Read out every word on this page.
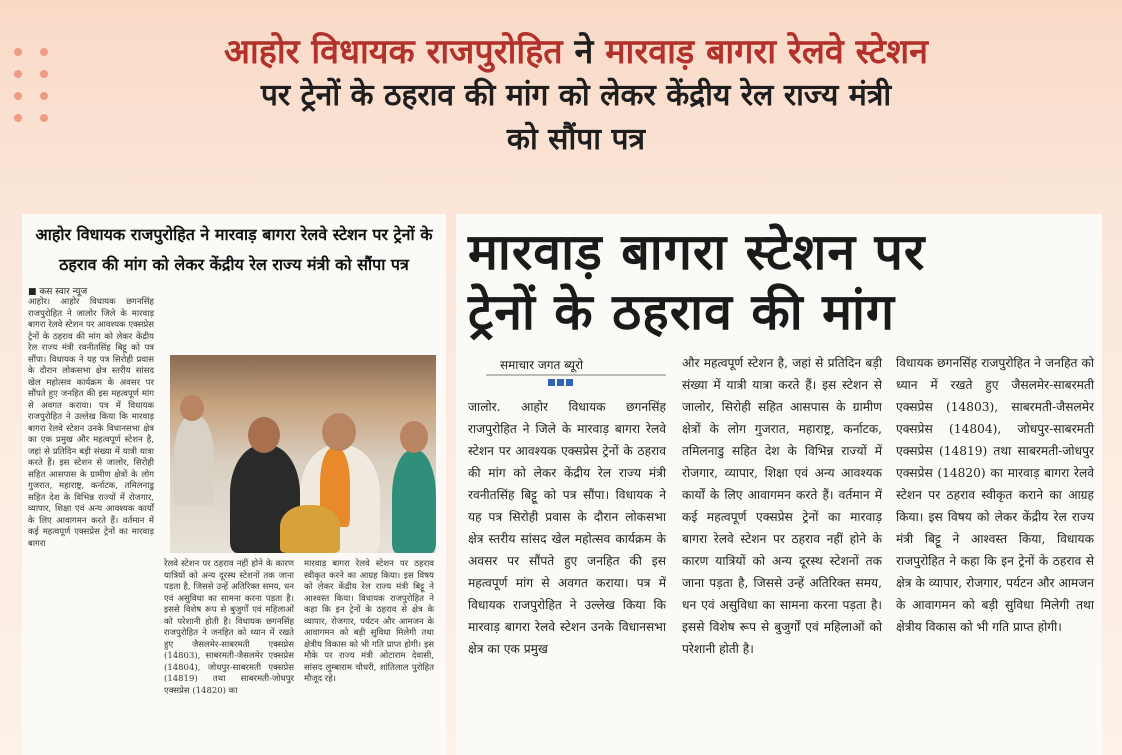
आहोर विधायक राजपुरोहित ने मारवाड़ बागरा रेलवे स्टेशन
पर ट्रेनों के ठहराव की मांग को लेकर केंद्रीय रेल राज्य मंत्री
को सौंपा पत्र
आहोर विधायक राजपुरोहित ने मारवाड़ बागरा रेलवे स्टेशन पर ट्रेनों के ठहराव की मांग को लेकर केंद्रीय रेल राज्य मंत्री को सौंपा पत्र
■ कस स्वार न्यूज
आहोर। आहोर विधायक छगनसिंह राजपुरोहित ने जालोर जिले के मारवाड़ बागरा रेलवे स्टेशन पर आवश्यक एक्सप्रेस ट्रेनों के ठहराव की मांग को लेकर केंद्रीय रेल राज्य मंत्री रवनीतसिंह बिट्टू को पत्र सौंपा। विधायक ने यह पत्र सिरोही प्रवास के दौरान लोकसभा क्षेत्र स्तरीय सांसद खेल महोत्सव कार्यक्रम के अवसर पर सौंपते हुए जनहित की इस महत्वपूर्ण मांग से अवगत कराया। पत्र में विधायक राजपुरोहित ने उल्लेख किया कि मारवाड़ बागरा रेलवे स्टेशन उनके विधानसभा क्षेत्र का एक प्रमुख और महत्वपूर्ण स्टेशन है, जहां से प्रतिदिन बड़ी संख्या में यात्री यात्रा करते हैं। इस स्टेशन से जालोर, सिरोही सहित आसपास के ग्रामीण क्षेत्रों के लोग गुजरात, महाराष्ट्र, कर्नाटक, तमिलनाडु सहित देश के विभिन्न राज्यों में रोजगार, व्यापार, शिक्षा एवं अन्य आवश्यक कार्यों के लिए आवागमन करते हैं। वर्तमान में कई महत्वपूर्ण एक्सप्रेस ट्रेनों का मारवाड़ बागरा
रेलवे स्टेशन पर ठहराव नहीं होने के कारण यात्रियों को अन्य दूरस्थ स्टेशनों तक जाना पड़ता है, जिससे उन्हें अतिरिक्त समय, धन एवं असुविधा का सामना करना पड़ता है। इससे विशेष रूप से बुजुर्गों एवं महिलाओं को परेशानी होती है। विधायक छगनसिंह राजपुरोहित ने जनहित को ध्यान में रखते हुए जैसलमेर-साबरमती एक्सप्रेस (14803), साबरमती-जैसलमेर एक्सप्रेस (14804), जोधपुर-साबरमती एक्सप्रेस (14819) तथा साबरमती-जोधपुर एक्सप्रेस (14820) का
मारवाड़ बागरा रेलवे स्टेशन पर ठहराव स्वीकृत करने का आग्रह किया। इस विषय को लेकर केंद्रीय रेल राज्य मंत्री बिट्टू ने आश्वस्त किया। विधायक राजपुरोहित ने कहा कि इन ट्रेनों के ठहराव से क्षेत्र के व्यापार, रोजगार, पर्यटन और आमजन के आवागमन को बड़ी सुविधा मिलेगी तथा क्षेत्रीय विकास को भी गति प्राप्त होगी। इस मौके पर राज्य मंत्री ओटाराम देवासी, सांसद लुम्बाराम चौधरी, शांतिलाल पुरोहित मौजूद रहे।
मारवाड़ बागरा स्टेशन पर
ट्रेनों के ठहराव की मांग
समाचार जगत ब्यूरो
जालोर. आहोर विधायक छगनसिंह राजपुरोहित ने जिले के मारवाड़ बागरा रेलवे स्टेशन पर आवश्यक एक्सप्रेस ट्रेनों के ठहराव की मांग को लेकर केंद्रीय रेल राज्य मंत्री रवनीतसिंह बिट्टू को पत्र सौंपा। विधायक ने यह पत्र सिरोही प्रवास के दौरान लोकसभा क्षेत्र स्तरीय सांसद खेल महोत्सव कार्यक्रम के अवसर पर सौंपते हुए जनहित की इस महत्वपूर्ण मांग से अवगत कराया। पत्र में विधायक राजपुरोहित ने उल्लेख किया कि मारवाड़ बागरा रेलवे स्टेशन उनके विधानसभा क्षेत्र का एक प्रमुख
और महत्वपूर्ण स्टेशन है, जहां से प्रतिदिन बड़ी संख्या में यात्री यात्रा करते हैं। इस स्टेशन से जालोर, सिरोही सहित आसपास के ग्रामीण क्षेत्रों के लोग गुजरात, महाराष्ट्र, कर्नाटक, तमिलनाडु सहित देश के विभिन्न राज्यों में रोजगार, व्यापार, शिक्षा एवं अन्य आवश्यक कार्यों के लिए आवागमन करते हैं। वर्तमान में कई महत्वपूर्ण एक्सप्रेस ट्रेनों का मारवाड़ बागरा रेलवे स्टेशन पर ठहराव नहीं होने के कारण यात्रियों को अन्य दूरस्थ स्टेशनों तक जाना पड़ता है, जिससे उन्हें अतिरिक्त समय, धन एवं असुविधा का सामना करना पड़ता है। इससे विशेष रूप से बुजुर्गों एवं महिलाओं को परेशानी होती है।
विधायक छगनसिंह राजपुरोहित ने जनहित को ध्यान में रखते हुए जैसलमेर-साबरमती एक्सप्रेस (14803), साबरमती-जैसलमेर एक्सप्रेस (14804), जोधपुर-साबरमती एक्सप्रेस (14819) तथा साबरमती-जोधपुर एक्सप्रेस (14820) का मारवाड़ बागरा रेलवे स्टेशन पर ठहराव स्वीकृत कराने का आग्रह किया। इस विषय को लेकर केंद्रीय रेल राज्य मंत्री बिट्टू ने आश्वस्त किया, विधायक राजपुरोहित ने कहा कि इन ट्रेनों के ठहराव से क्षेत्र के व्यापार, रोजगार, पर्यटन और आमजन के आवागमन को बड़ी सुविधा मिलेगी तथा क्षेत्रीय विकास को भी गति प्राप्त होगी।
